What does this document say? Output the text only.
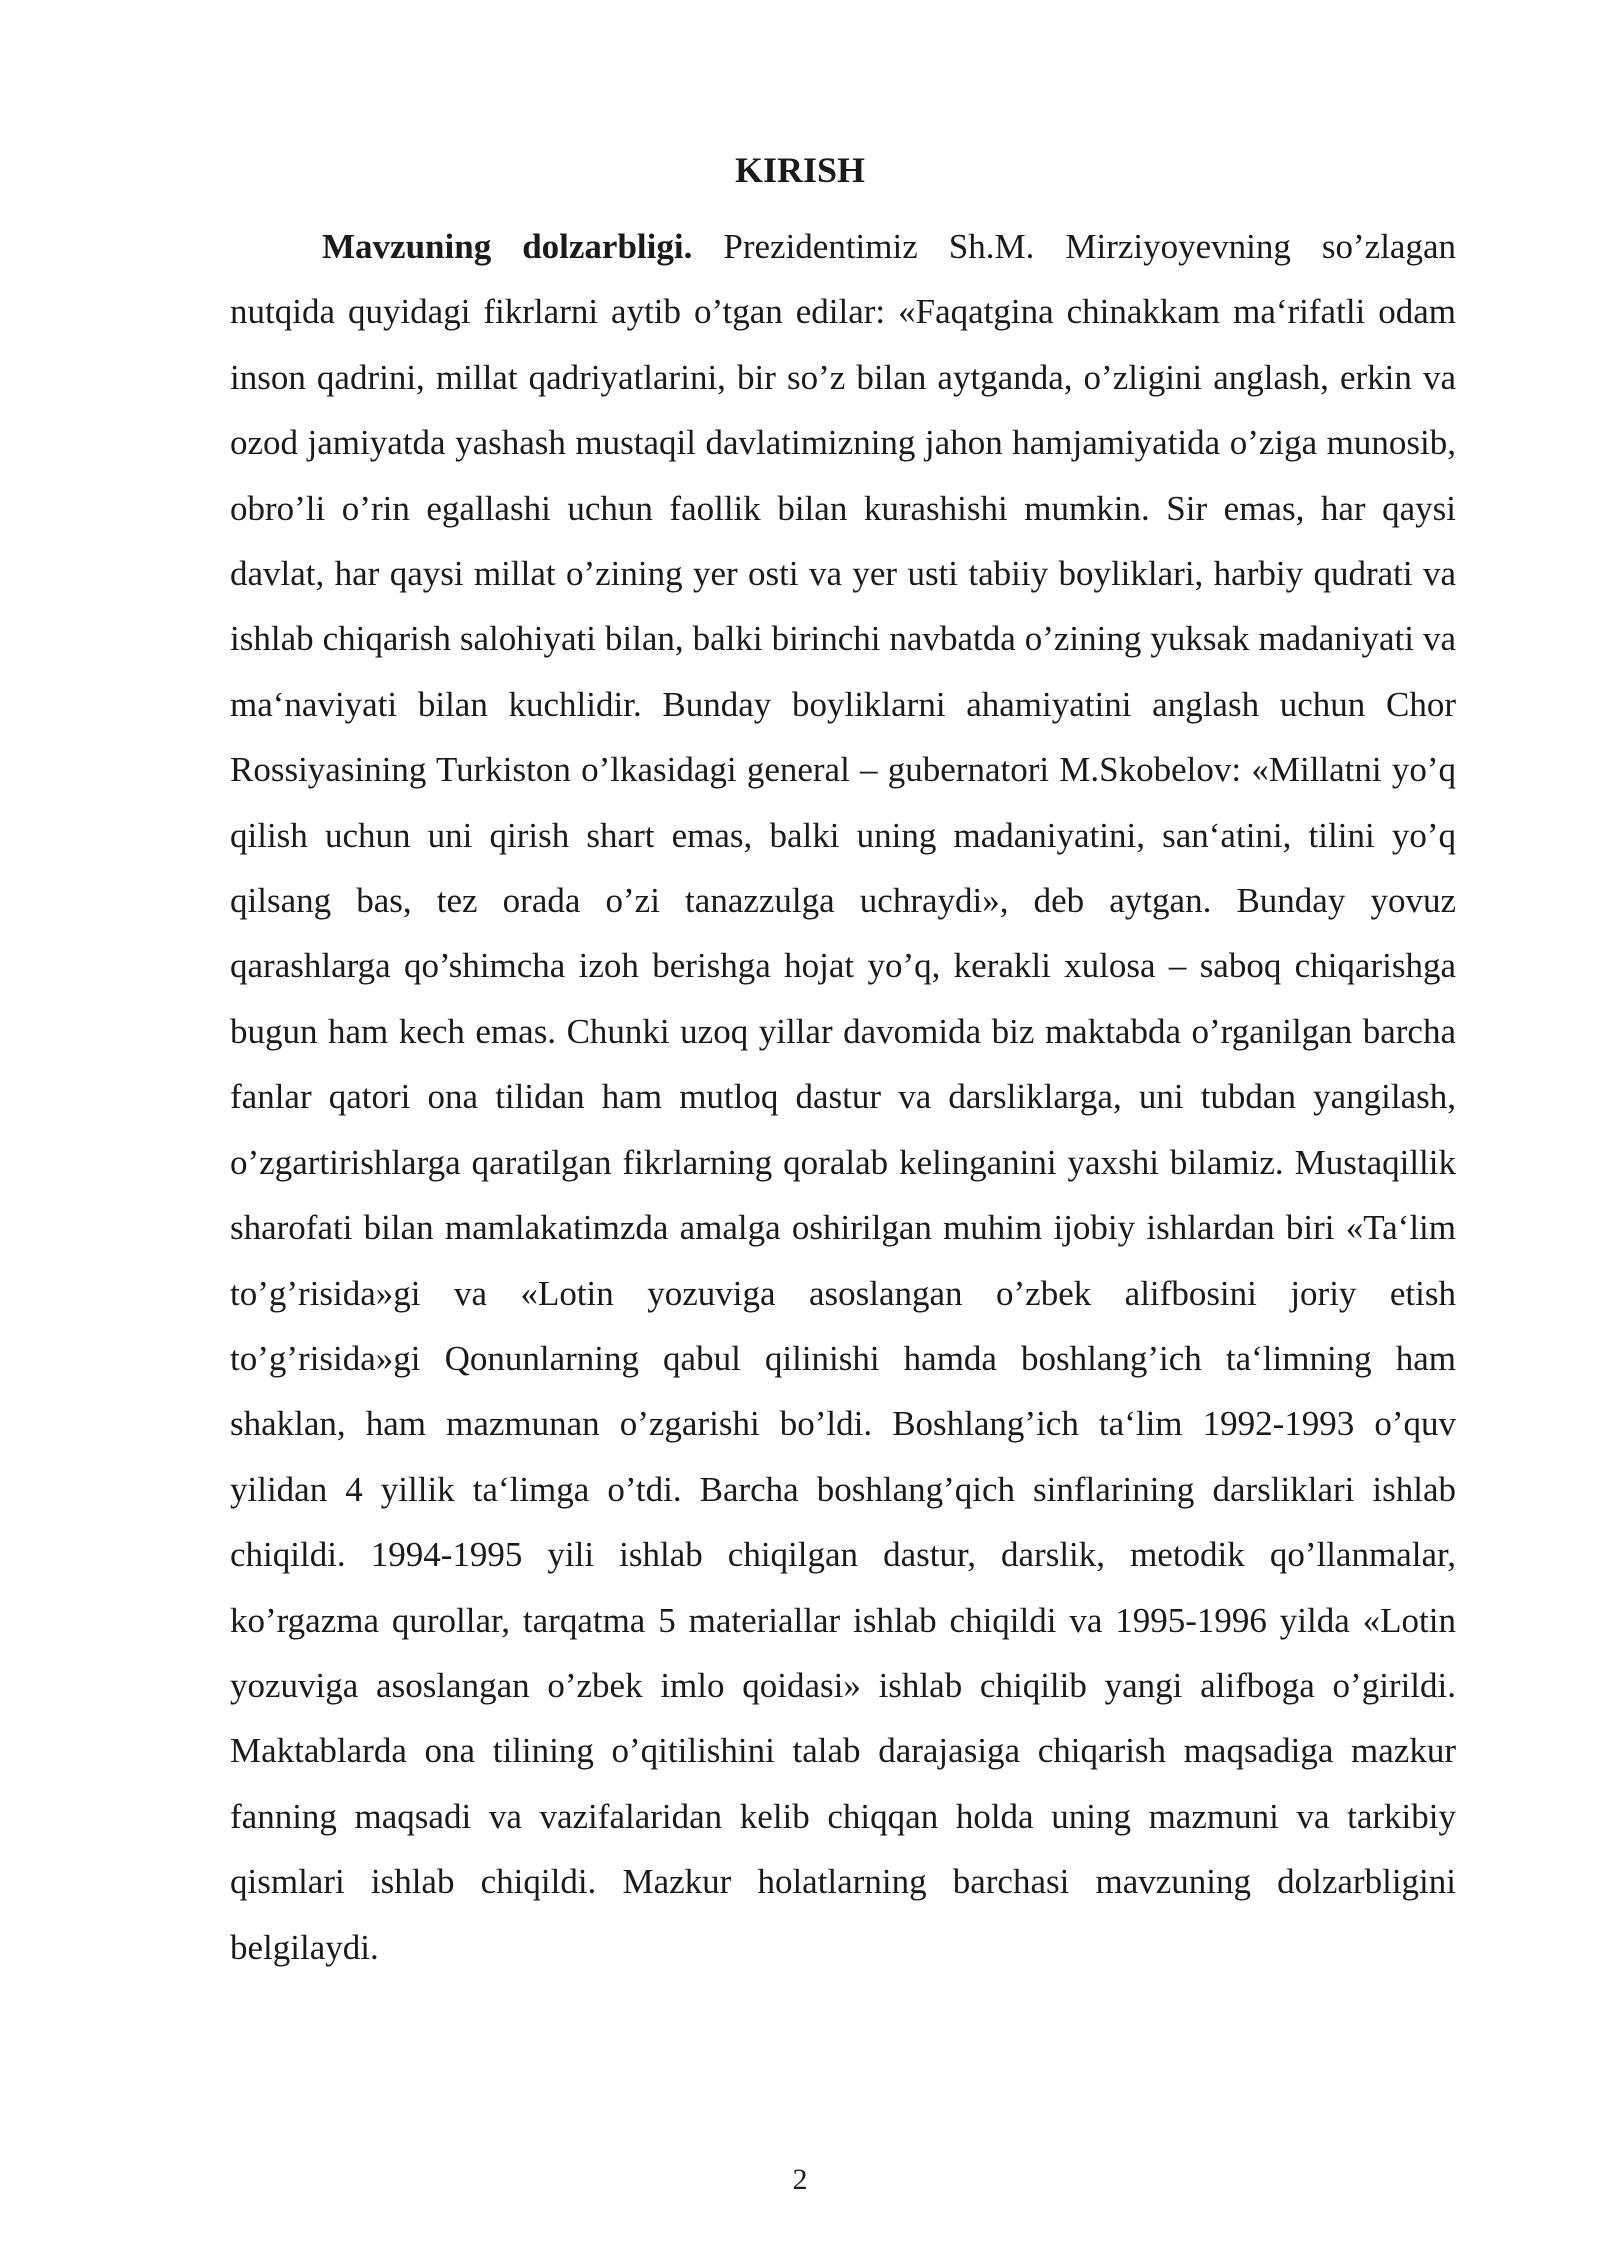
KIRISH

Mavzuning dolzarbligi. Prezidentimiz Sh.M. Mirziyoyevning so’zlagan nutqida quyidagi fikrlarni aytib o’tgan edilar: «Faqatgina chinakkam ma‘rifatli odam inson qadrini, millat qadriyatlarini, bir so’z bilan aytganda, o’zligini anglash, erkin va ozod jamiyatda yashash mustaqil davlatimizning jahon hamjamiyatida o’ziga munosib, obro’li o’rin egallashi uchun faollik bilan kurashishi mumkin. Sir emas, har qaysi davlat, har qaysi millat o’zining yer osti va yer usti tabiiy boyliklari, harbiy qudrati va ishlab chiqarish salohiyati bilan, balki birinchi navbatda o’zining yuksak madaniyati va ma‘naviyati bilan kuchlidir. Bunday boyliklarni ahamiyatini anglash uchun Chor Rossiyasining Turkiston o’lkasidagi general – gubernatori M.Skobelov: «Millatni yo’q qilish uchun uni qirish shart emas, balki uning madaniyatini, san‘atini, tilini yo’q qilsang bas, tez orada o’zi tanazzulga uchraydi», deb aytgan. Bunday yovuz qarashlarga qo’shimcha izoh berishga hojat yo’q, kerakli xulosa – saboq chiqarishga bugun ham kech emas. Chunki uzoq yillar davomida biz maktabda o’rganilgan barcha fanlar qatori ona tilidan ham mutloq dastur va darsliklarga, uni tubdan yangilash, o’zgartirishlarga qaratilgan fikrlarning qoralab kelinganini yaxshi bilamiz. Mustaqillik sharofati bilan mamlakatimzda amalga oshirilgan muhim ijobiy ishlardan biri «Ta‘lim to’g’risida»gi va «Lotin yozuviga asoslangan o’zbek alifbosini joriy etish to’g’risida»gi Qonunlarning qabul qilinishi hamda boshlang’ich ta‘limning ham shaklan, ham mazmunan o’zgarishi bo’ldi. Boshlang’ich ta‘lim 1992-1993 o’quv yilidan 4 yillik ta‘limga o’tdi. Barcha boshlang’qich sinflarining darsliklari ishlab chiqildi. 1994-1995 yili ishlab chiqilgan dastur, darslik, metodik qo’llanmalar, ko’rgazma qurollar, tarqatma 5 materiallar ishlab chiqildi va 1995-1996 yilda «Lotin yozuviga asoslangan o’zbek imlo qoidasi» ishlab chiqilib yangi alifboga o’girildi. Maktablarda ona tilining o’qitilishini talab darajasiga chiqarish maqsadiga mazkur fanning maqsadi va vazifalaridan kelib chiqqan holda uning mazmuni va tarkibiy qismlari ishlab chiqildi. Mazkur holatlarning barchasi mavzuning dolzarbligini belgilaydi.

2
